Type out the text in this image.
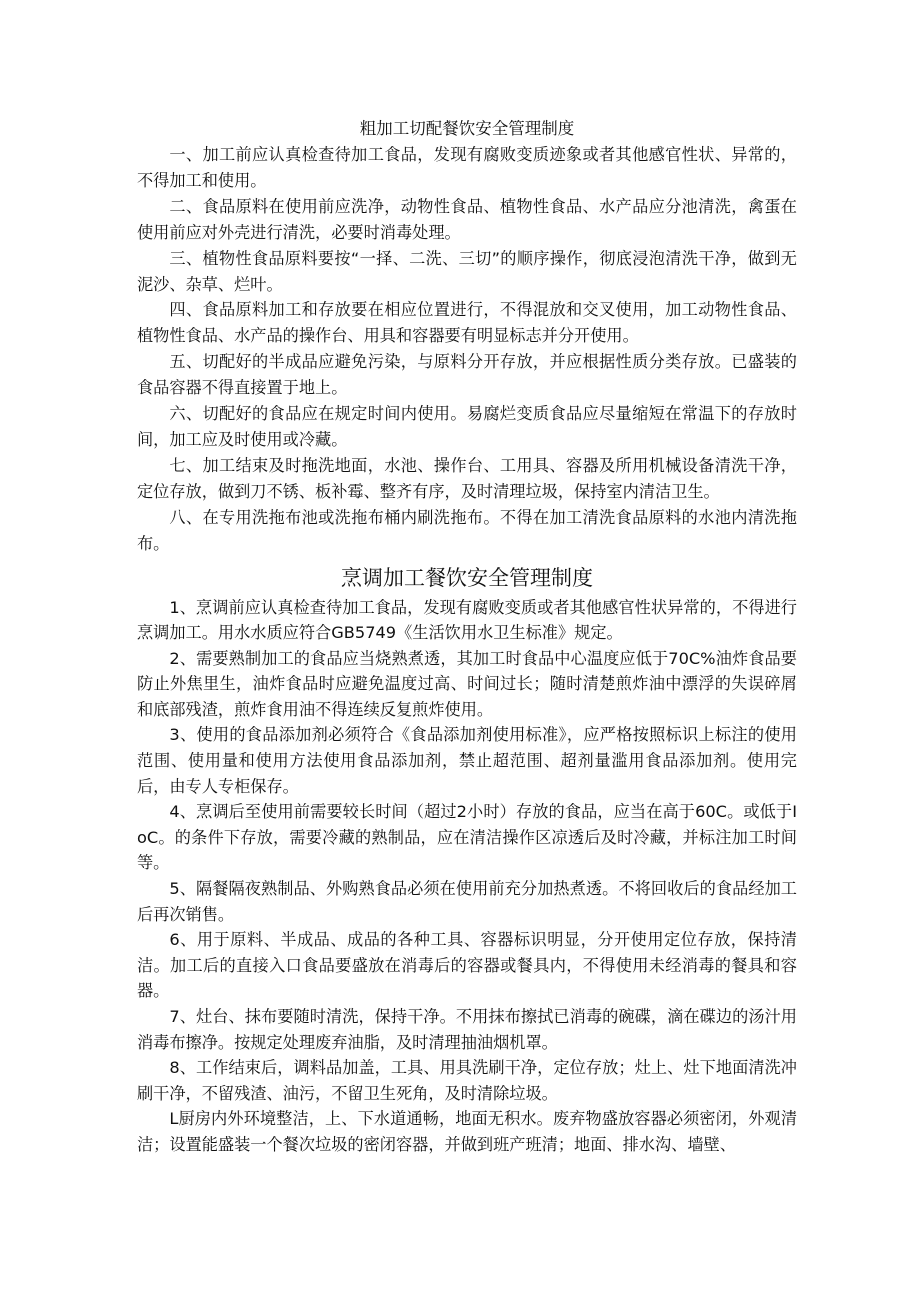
粗加工切配餐饮安全管理制度

一、加工前应认真检查待加工食品，发现有腐败变质迹象或者其他感官性状、异常的，不得加工和使用。

二、食品原料在使用前应洗净，动物性食品、植物性食品、水产品应分池清洗，禽蛋在使用前应对外壳进行清洗，必要时消毒处理。

三、植物性食品原料要按“一择、二洗、三切”的顺序操作，彻底浸泡清洗干净，做到无泥沙、杂草、烂叶。

四、食品原料加工和存放要在相应位置进行，不得混放和交叉使用，加工动物性食品、植物性食品、水产品的操作台、用具和容器要有明显标志并分开使用。

五、切配好的半成品应避免污染，与原料分开存放，并应根据性质分类存放。已盛装的食品容器不得直接置于地上。

六、切配好的食品应在规定时间内使用。易腐烂变质食品应尽量缩短在常温下的存放时间，加工应及时使用或冷藏。

七、加工结束及时拖洗地面，水池、操作台、工用具、容器及所用机械设备清洗干净，定位存放，做到刀不锈、板补霉、整齐有序，及时清理垃圾，保持室内清洁卫生。

八、在专用洗拖布池或洗拖布桶内刷洗拖布。不得在加工清洗食品原料的水池内清洗拖布。

烹调加工餐饮安全管理制度

1、烹调前应认真检查待加工食品，发现有腐败变质或者其他感官性状异常的，不得进行烹调加工。用水水质应符合GB5749《生活饮用水卫生标准》规定。

2、需要熟制加工的食品应当烧熟煮透，其加工时食品中心温度应低于70C%油炸食品要防止外焦里生，油炸食品时应避免温度过高、时间过长；随时清楚煎炸油中漂浮的失误碎屑和底部残渣，煎炸食用油不得连续反复煎炸使用。

3、使用的食品添加剂必须符合《食品添加剂使用标准》，应严格按照标识上标注的使用范围、使用量和使用方法使用食品添加剂，禁止超范围、超剂量滥用食品添加剂。使用完后，由专人专柜保存。

4、烹调后至使用前需要较长时间（超过2小时）存放的食品，应当在高于60C。或低于IoC。的条件下存放，需要冷藏的熟制品，应在清洁操作区凉透后及时冷藏，并标注加工时间等。

5、隔餐隔夜熟制品、外购熟食品必须在使用前充分加热煮透。不将回收后的食品经加工后再次销售。

6、用于原料、半成品、成品的各种工具、容器标识明显，分开使用定位存放，保持清洁。加工后的直接入口食品要盛放在消毒后的容器或餐具内，不得使用未经消毒的餐具和容器。

7、灶台、抹布要随时清洗，保持干净。不用抹布擦拭已消毒的碗碟，滴在碟边的汤汁用消毒布擦净。按规定处理废弃油脂，及时清理抽油烟机罩。

8、工作结束后，调料品加盖，工具、用具洗刷干净，定位存放；灶上、灶下地面清洗冲刷干净，不留残渣、油污，不留卫生死角，及时清除垃圾。

L厨房内外环境整洁，上、下水道通畅，地面无积水。废弃物盛放容器必须密闭，外观清洁；设置能盛装一个餐次垃圾的密闭容器，并做到班产班清；地面、排水沟、墙壁、
